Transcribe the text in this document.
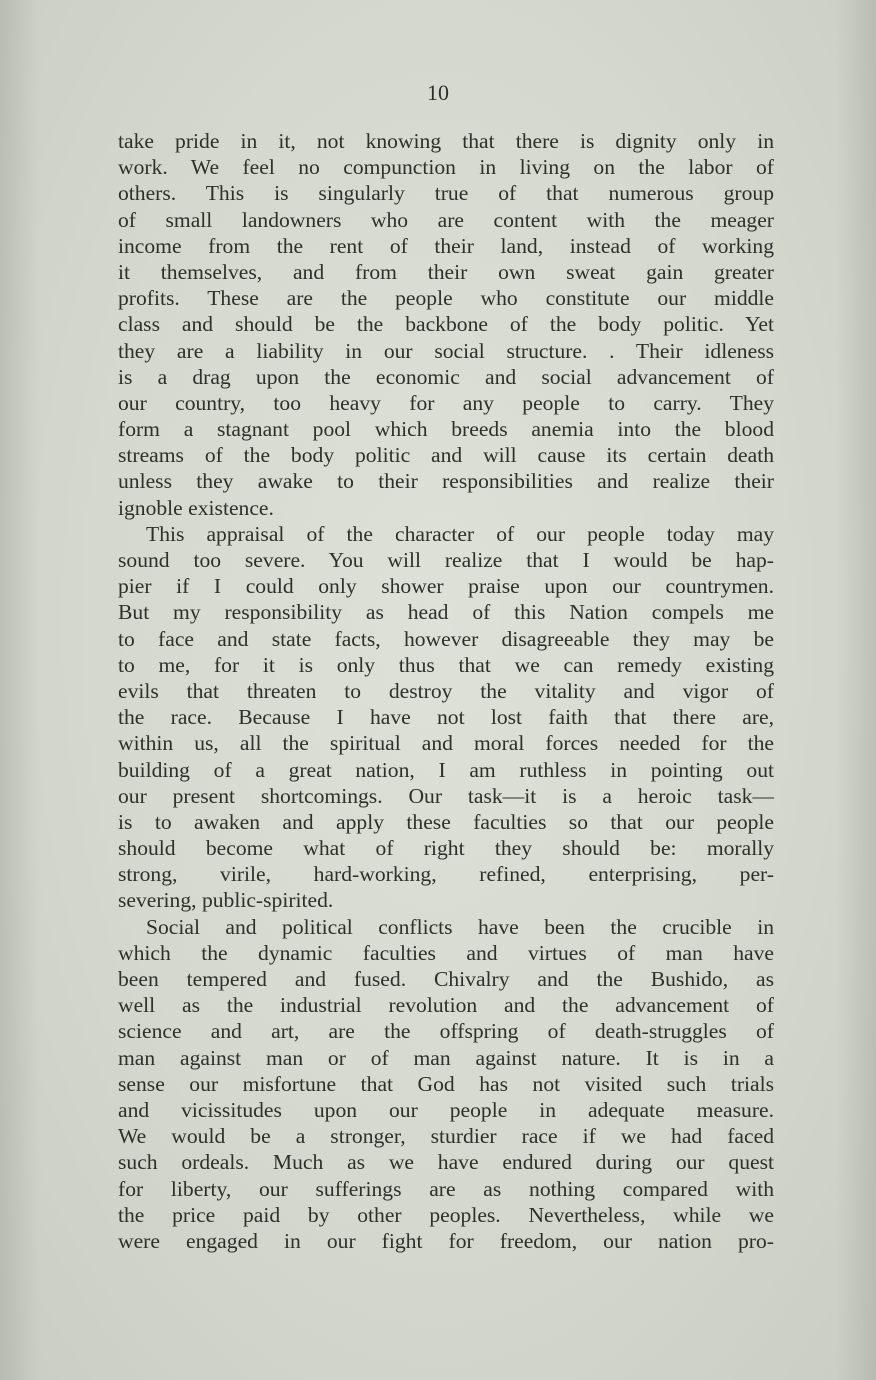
10
take pride in it, not knowing that there is dignity only in
work. We feel no compunction in living on the labor of
others. This is singularly true of that numerous group
of small landowners who are content with the meager
income from the rent of their land, instead of working
it themselves, and from their own sweat gain greater
profits. These are the people who constitute our middle
class and should be the backbone of the body politic. Yet
they are a liability in our social structure. . Their idleness
is a drag upon the economic and social advancement of
our country, too heavy for any people to carry. They
form a stagnant pool which breeds anemia into the blood
streams of the body politic and will cause its certain death
unless they awake to their responsibilities and realize their
ignoble existence.
This appraisal of the character of our people today may
sound too severe. You will realize that I would be hap-
pier if I could only shower praise upon our countrymen.
But my responsibility as head of this Nation compels me
to face and state facts, however disagreeable they may be
to me, for it is only thus that we can remedy existing
evils that threaten to destroy the vitality and vigor of
the race. Because I have not lost faith that there are,
within us, all the spiritual and moral forces needed for the
building of a great nation, I am ruthless in pointing out
our present shortcomings. Our task—it is a heroic task—
is to awaken and apply these faculties so that our people
should become what of right they should be: morally
strong, virile, hard-working, refined, enterprising, per-
severing, public-spirited.
Social and political conflicts have been the crucible in
which the dynamic faculties and virtues of man have
been tempered and fused. Chivalry and the Bushido, as
well as the industrial revolution and the advancement of
science and art, are the offspring of death-struggles of
man against man or of man against nature. It is in a
sense our misfortune that God has not visited such trials
and vicissitudes upon our people in adequate measure.
We would be a stronger, sturdier race if we had faced
such ordeals. Much as we have endured during our quest
for liberty, our sufferings are as nothing compared with
the price paid by other peoples. Nevertheless, while we
were engaged in our fight for freedom, our nation pro-
